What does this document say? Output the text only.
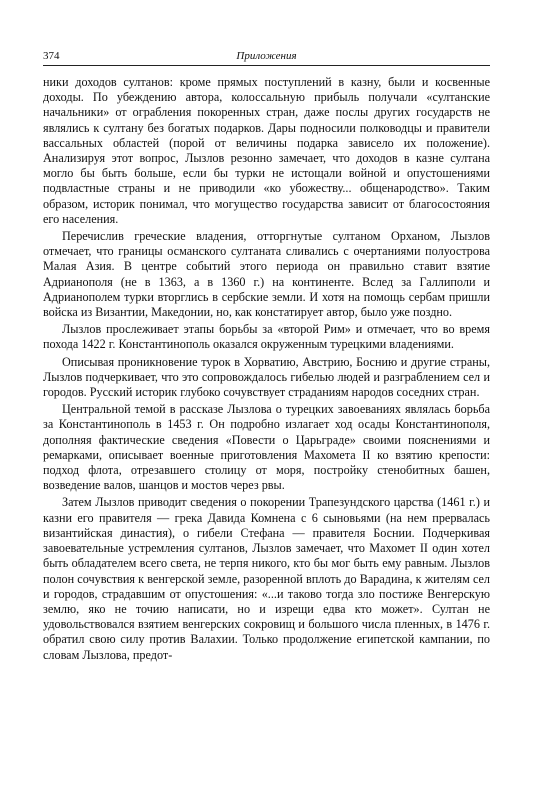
374	Приложения

ники доходов султанов: кроме прямых поступлений в казну, были и косвенные доходы. По убеждению автора, колоссальную прибыль получали «султанские начальники» от ограбления покоренных стран, даже послы других государств не являлись к султану без богатых подарков. Дары подносили полководцы и правители вассальных областей (порой от величины подарка зависело их положение). Анализируя этот вопрос, Лызлов резонно замечает, что доходов в казне султана могло бы быть больше, если бы турки не истощали войной и опустошениями подвластные страны и не приводили «ко убожеству... общенародство». Таким образом, историк понимал, что могущество государства зависит от благосостояния его населения.

Перечислив греческие владения, отторгнутые султаном Орханом, Лызлов отмечает, что границы османского султаната сливались с очертаниями полуострова Малая Азия. В центре событий этого периода он правильно ставит взятие Адрианополя (не в 1363, а в 1360 г.) на континенте. Вслед за Галлиполи и Адрианополем турки вторглись в сербские земли. И хотя на помощь сербам пришли войска из Византии, Македонии, но, как констатирует автор, было уже поздно.

Лызлов прослеживает этапы борьбы за «второй Рим» и отмечает, что во время похода 1422 г. Константинополь оказался окруженным турецкими владениями.

Описывая проникновение турок в Хорватию, Австрию, Боснию и другие страны, Лызлов подчеркивает, что это сопровождалось гибелью людей и разграблением сел и городов. Русский историк глубоко сочувствует страданиям народов соседних стран.

Центральной темой в рассказе Лызлова о турецких завоеваниях являлась борьба за Константинополь в 1453 г. Он подробно излагает ход осады Константинополя, дополняя фактические сведения «Повести о Царьграде» своими пояснениями и ремарками, описывает военные приготовления Махомета II ко взятию крепости: подход флота, отрезавшего столицу от моря, постройку стенобитных башен, возведение валов, шанцов и мостов через рвы.

Затем Лызлов приводит сведения о покорении Трапезундского царства (1461 г.) и казни его правителя — грека Давида Комнена с 6 сыновьями (на нем прервалась византийская династия), о гибели Стефана — правителя Боснии. Подчеркивая завоевательные устремления султанов, Лызлов замечает, что Махомет II один хотел быть обладателем всего света, не терпя никого, кто бы мог быть ему равным. Лызлов полон сочувствия к венгерской земле, разоренной вплоть до Варадина, к жителям сел и городов, страдавшим от опустошения: «...и таково тогда зло постиже Венгерскую землю, яко не точию написати, но и изрещи едва кто может». Султан не удовольствовался взятием венгерских сокровищ и большого числа пленных, в 1476 г. обратил свою силу против Валахии. Только продолжение египетской кампании, по словам Лызлова, предот-
